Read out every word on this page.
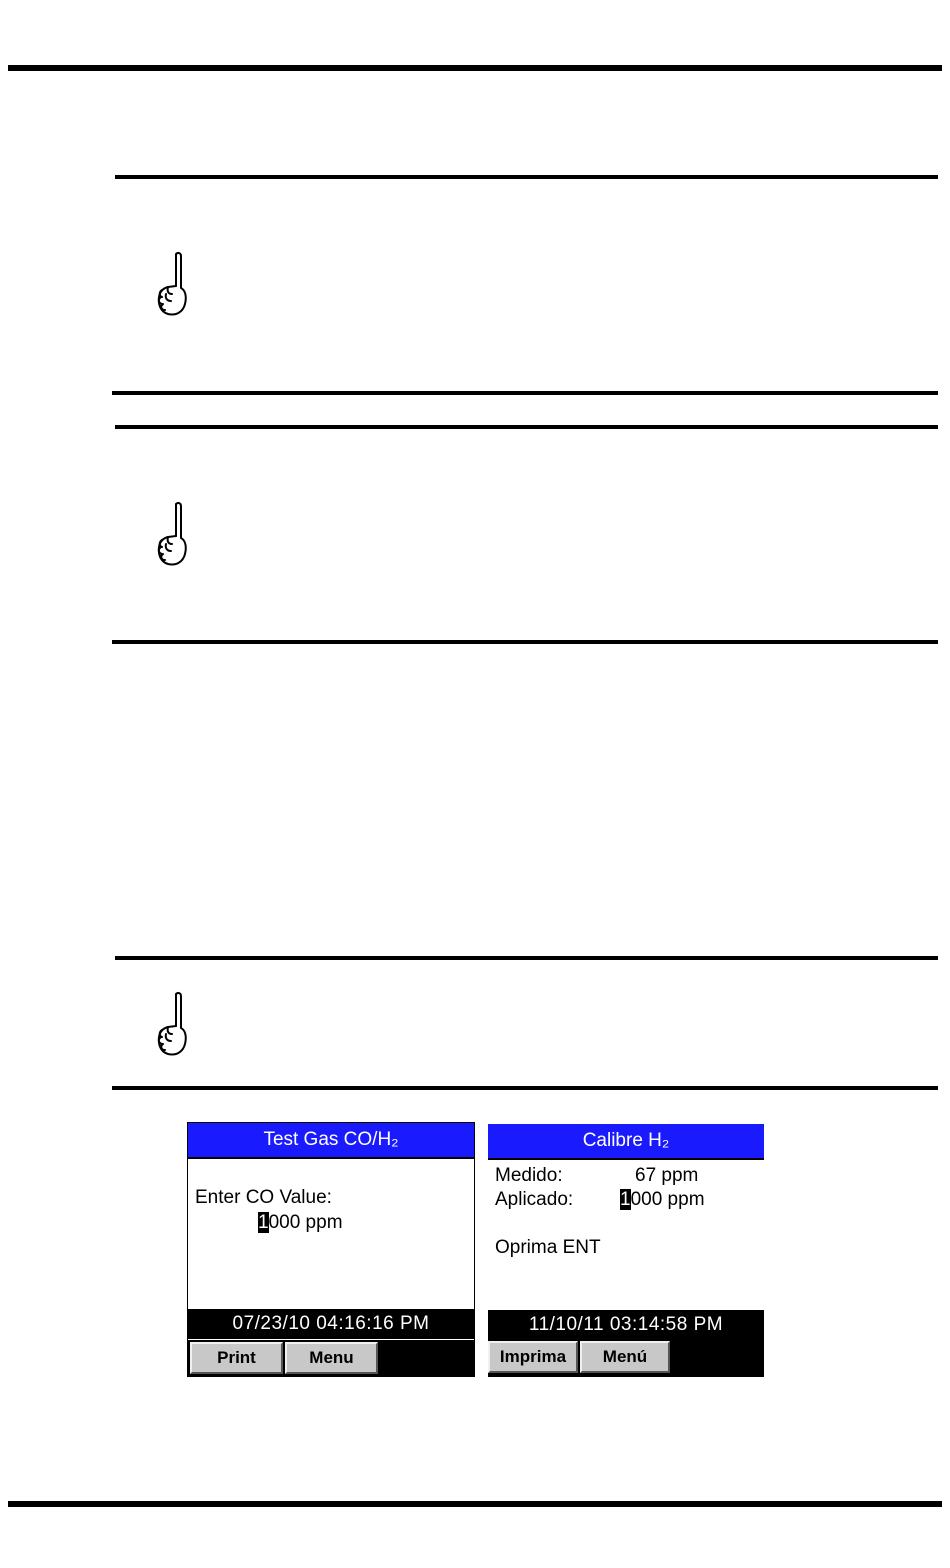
Test Gas CO/H₂
Enter CO Value:
1000 ppm
07/23/10 04:16:16 PM
Print	Menu
Calibre H₂
Medido:	67 ppm
Aplicado: 1000 ppm
Oprima ENT
11/10/11 03:14:58 PM
Imprima	Menú
